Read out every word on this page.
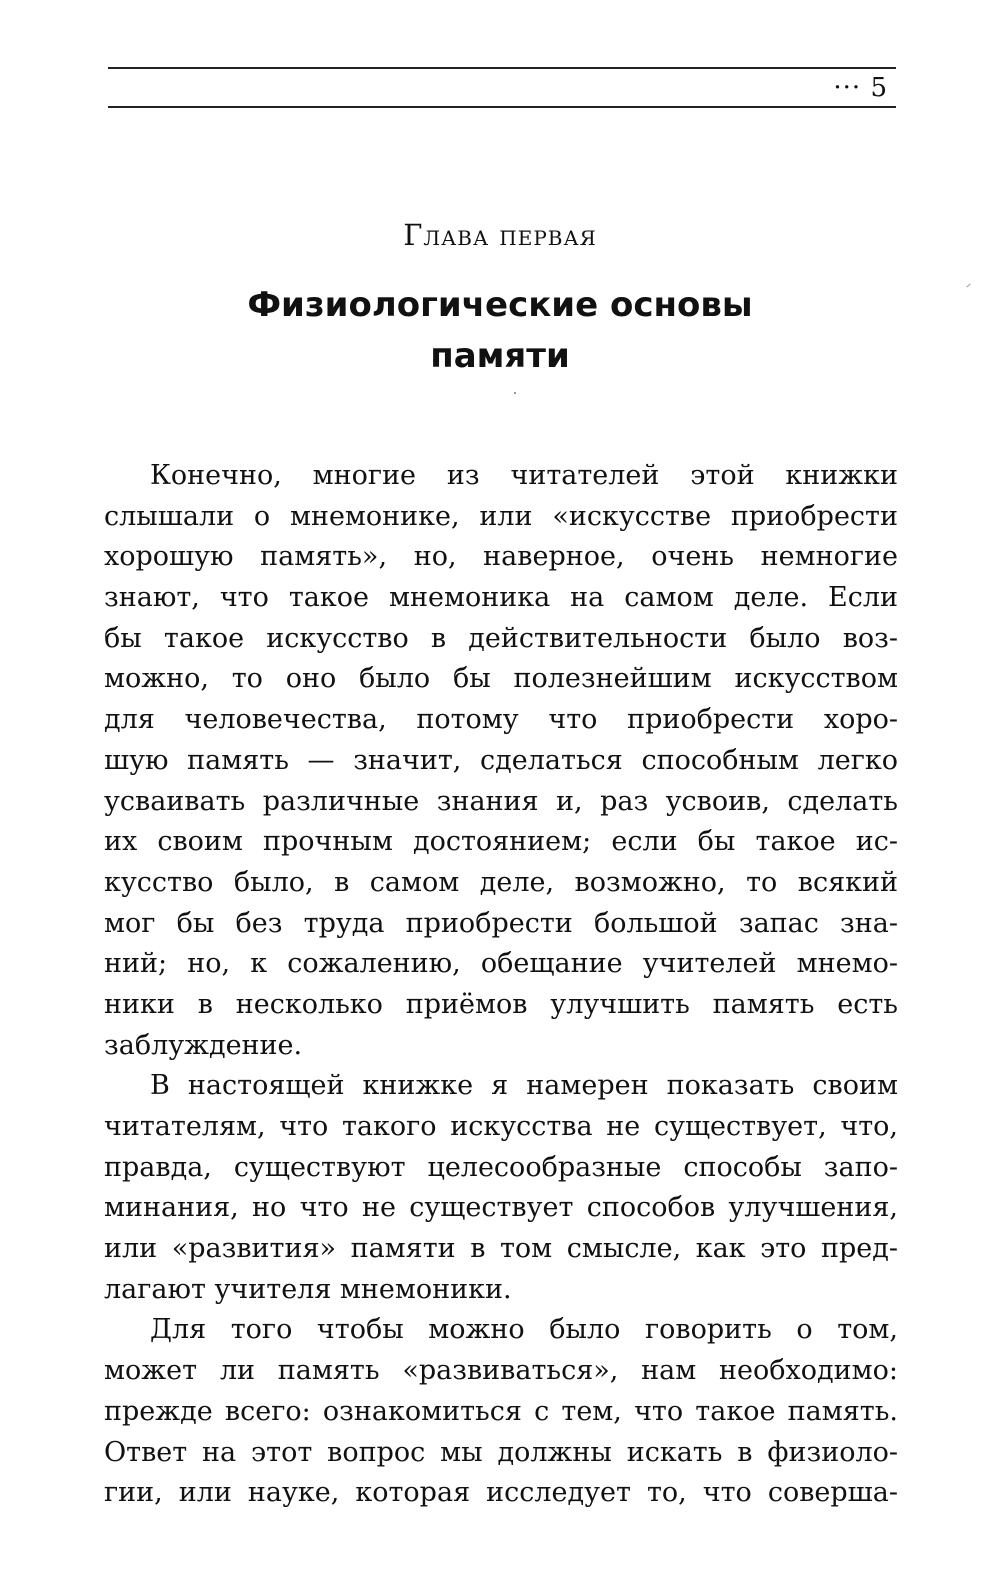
··· 5
Глава первая
Физиологические основы
памяти
Конечно, многие из читателей этой книжки
слышали о мнемонике, или «искусстве приобрести
хорошую память», но, наверное, очень немногие
знают, что такое мнемоника на самом деле. Если
бы такое искусство в действительности было воз-
можно, то оно было бы полезнейшим искусством
для человечества, потому что приобрести хоро-
шую память — значит, сделаться способным легко
усваивать различные знания и, раз усвоив, сделать
их своим прочным достоянием; если бы такое ис-
кусство было, в самом деле, возможно, то всякий
мог бы без труда приобрести большой запас зна-
ний; но, к сожалению, обещание учителей мнемо-
ники в несколько приёмов улучшить память есть
заблуждение.
В настоящей книжке я намерен показать своим
читателям, что такого искусства не существует, что,
правда, существуют целесообразные способы запо-
минания, но что не существует способов улучшения,
или «развития» памяти в том смысле, как это пред-
лагают учителя мнемоники.
Для того чтобы можно было говорить о том,
может ли память «развиваться», нам необходимо:
прежде всего: ознакомиться с тем, что такое память.
Ответ на этот вопрос мы должны искать в физиоло-
гии, или науке, которая исследует то, что соверша-
